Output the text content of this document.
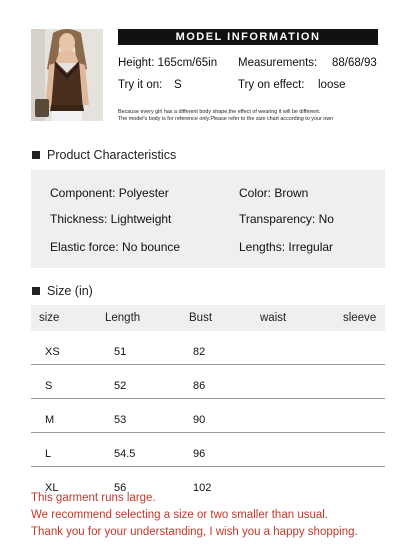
MODEL INFORMATION
Height: 165cm/65in Measurements: 88/68/93
Try it on: S	Try on effect: loose
Because every girl has a different body shape,the effect of wearing it will be different.
The model's body is for reference only.Please refer to the size chart according to your own
Product Characteristics
Component: Polyester	Color: Brown
Thickness: Lightweight	Transparency: No
Elastic force: No bounce	Lengths: Irregular
Size (in)
size	Length	Bust	waist	sleeve
XS	51	82
S	52	86
M	53	90
L	54.5	96
XL	56	102
This garment runs large.
We recommend selecting a size or two smaller than usual.
Thank you for your understanding, I wish you a happy shopping.
